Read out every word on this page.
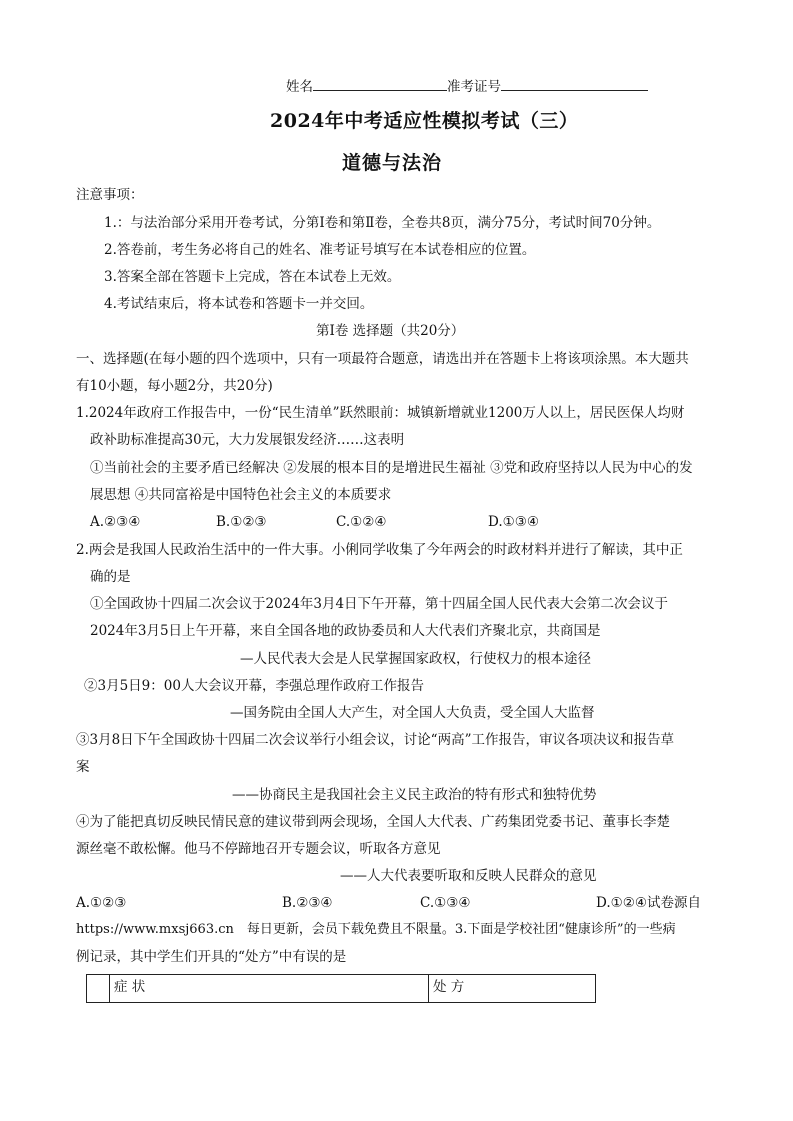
姓名	准考证号
2024年中考适应性模拟考试（三）
道德与法治
注意事项：
1.：与法治部分采用开卷考试，分第Ⅰ卷和第Ⅱ卷，全卷共8页，满分75分，考试时间70分钟。
2.答卷前，考生务必将自己的姓名、准考证号填写在本试卷相应的位置。
3.答案全部在答题卡上完成，答在本试卷上无效。
4.考试结束后，将本试卷和答题卡一并交回。
第Ⅰ卷 选择题（共20分）
一、选择题(在每小题的四个选项中，只有一项最符合题意，请选出并在答题卡上将该项涂黑。本大题共
有10小题，每小题2分，共20分)
1.2024年政府工作报告中，一份“民生清单”跃然眼前：城镇新增就业1200万人以上，居民医保人均财
政补助标准提高30元，大力发展银发经济……这表明
①当前社会的主要矛盾已经解决 ②发展的根本目的是增进民生福祉 ③党和政府坚持以人民为中心的发
展思想 ④共同富裕是中国特色社会主义的本质要求
A.②③④	B.①②③	C.①②④	D.①③④
2.两会是我国人民政治生活中的一件大事。小俐同学收集了今年两会的时政材料并进行了解读，其中正
确的是
①全国政协十四届二次会议于2024年3月4日下午开幕，第十四届全国人民代表大会第二次会议于
2024年3月5日上午开幕，来自全国各地的政协委员和人大代表们齐聚北京，共商国是
—人民代表大会是人民掌握国家政权，行使权力的根本途径
②3月5日9：00人大会议开幕，李强总理作政府工作报告
—国务院由全国人大产生，对全国人大负责，受全国人大监督
③3月8日下午全国政协十四届二次会议举行小组会议，讨论“两高”工作报告，审议各项决议和报告草
案
——协商民主是我国社会主义民主政治的特有形式和独特优势
④为了能把真切反映民情民意的建议带到两会现场，全国人大代表、广药集团党委书记、董事长李楚
源丝毫不敢松懈。他马不停蹄地召开专题会议，听取各方意见
——人大代表要听取和反映人民群众的意见
A.①②③	B.②③④	C.①③④	D.①②④试卷源自
https://www.mxsj663.cn　每日更新，会员下载免费且不限量。3.下面是学校社团“健康诊所”的一些病
例记录，其中学生们开具的“处方”中有误的是
	症 状	处 方
